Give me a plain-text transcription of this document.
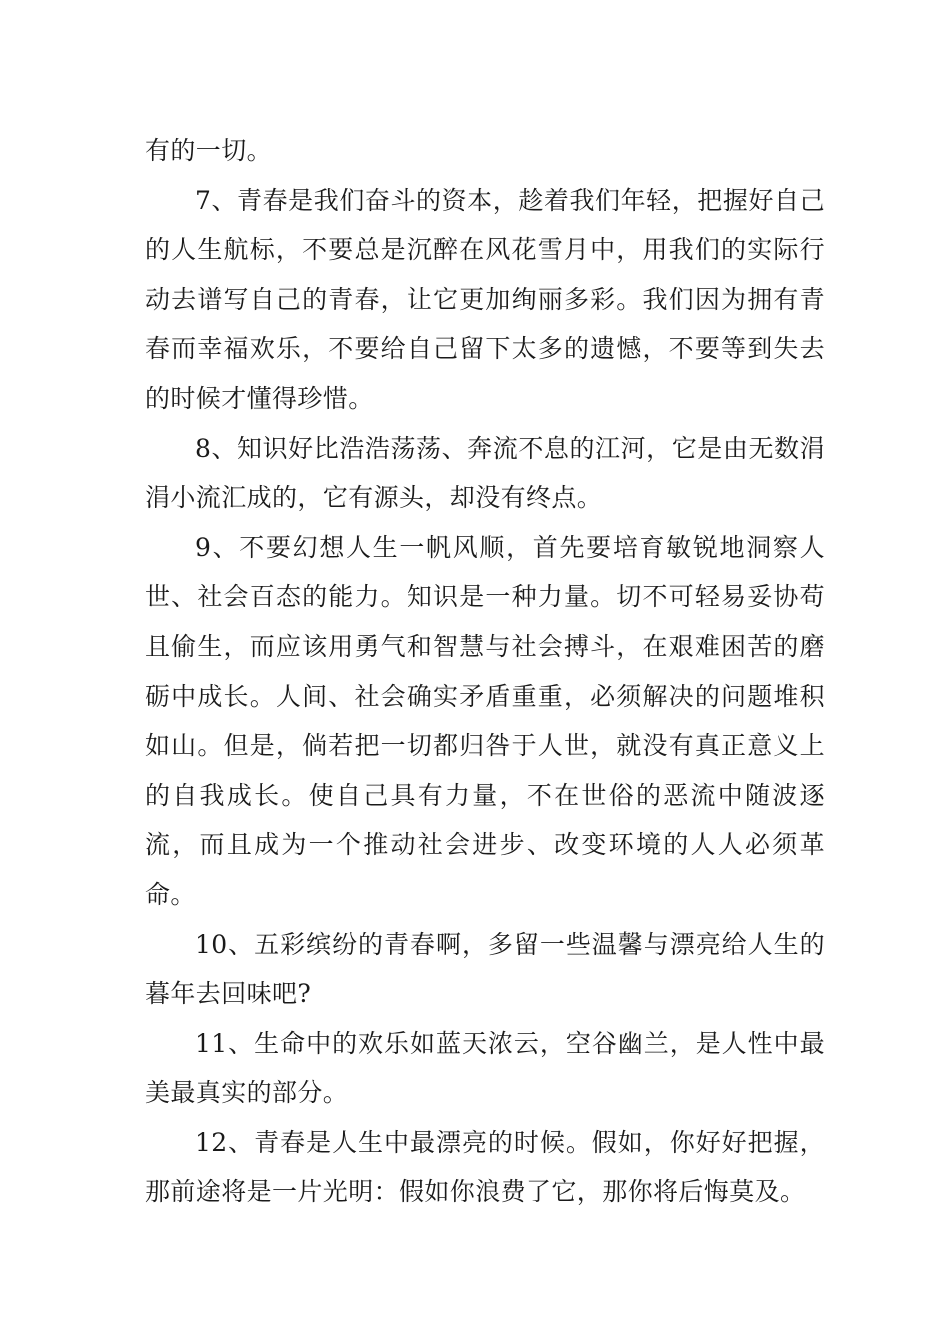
有的一切。

7、青春是我们奋斗的资本，趁着我们年轻，把握好自己的人生航标，不要总是沉醉在风花雪月中，用我们的实际行动去谱写自己的青春，让它更加绚丽多彩。我们因为拥有青春而幸福欢乐，不要给自己留下太多的遗憾，不要等到失去的时候才懂得珍惜。

8、知识好比浩浩荡荡、奔流不息的江河，它是由无数涓涓小流汇成的，它有源头，却没有终点。

9、不要幻想人生一帆风顺，首先要培育敏锐地洞察人世、社会百态的能力。知识是一种力量。切不可轻易妥协苟且偷生，而应该用勇气和智慧与社会搏斗，在艰难困苦的磨砺中成长。人间、社会确实矛盾重重，必须解决的问题堆积如山。但是，倘若把一切都归咎于人世，就没有真正意义上的自我成长。使自己具有力量，不在世俗的恶流中随波逐流，而且成为一个推动社会进步、改变环境的人人必须革命。

10、五彩缤纷的青春啊，多留一些温馨与漂亮给人生的暮年去回味吧?

11、生命中的欢乐如蓝天浓云，空谷幽兰，是人性中最美最真实的部分。

12、青春是人生中最漂亮的时候。假如，你好好把握，那前途将是一片光明：假如你浪费了它，那你将后悔莫及。
